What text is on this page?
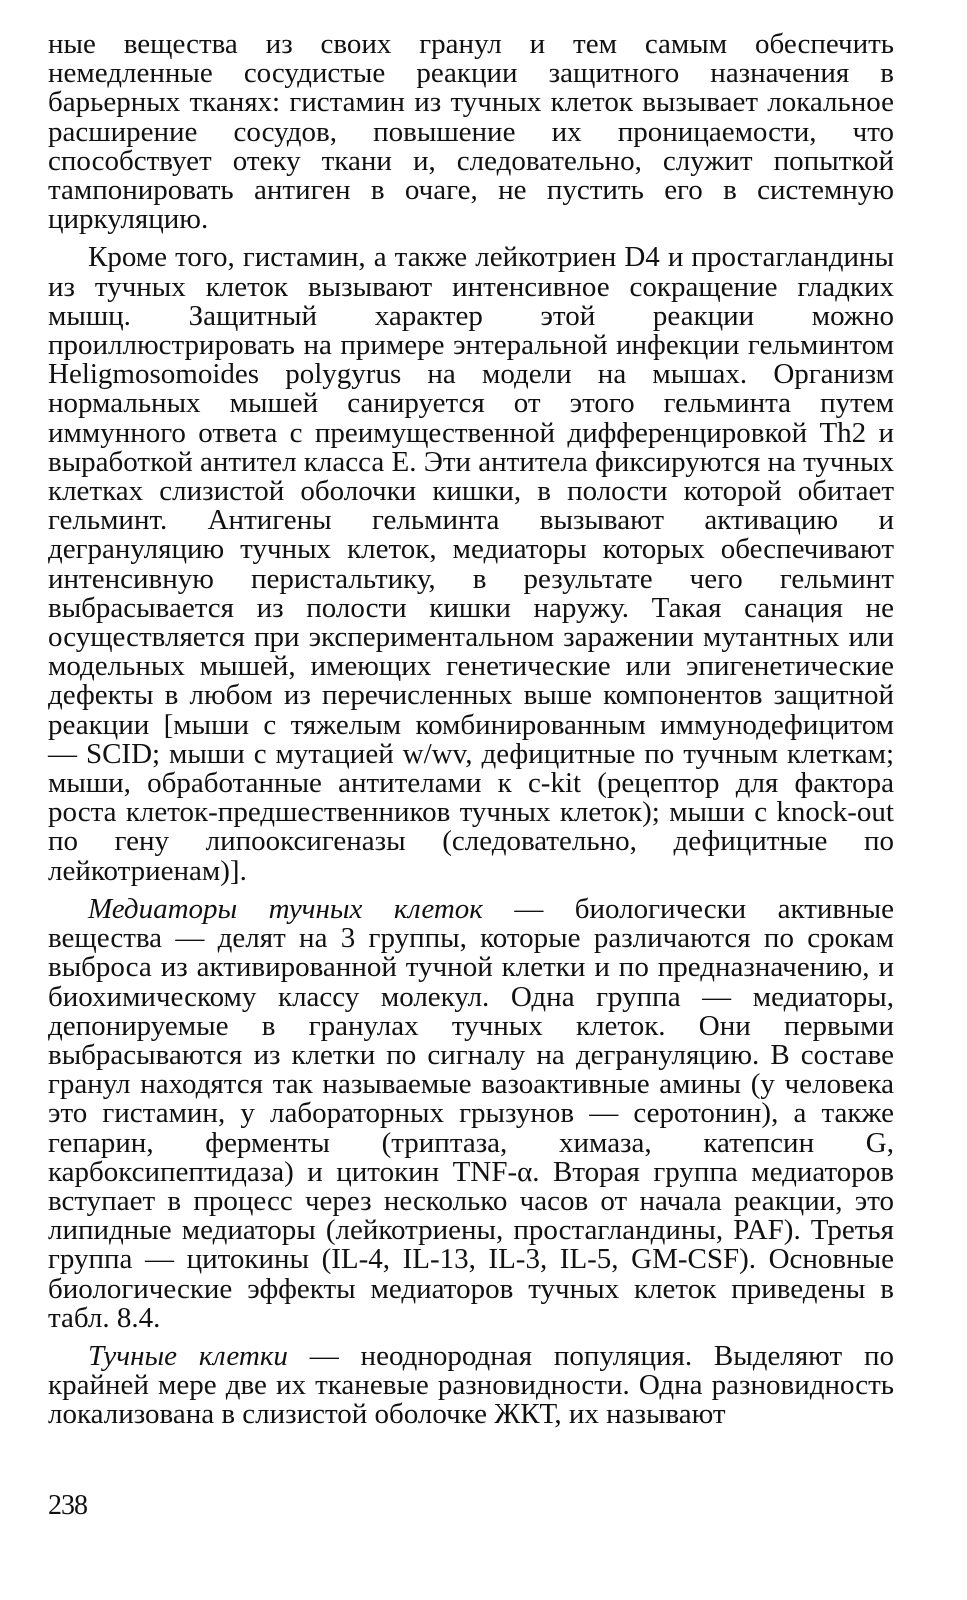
ные вещества из своих гранул и тем самым обеспечить немедленные сосудистые реакции защитного назначения в барьерных тканях: гистамин из тучных клеток вызывает локальное расширение сосудов, повышение их проницаемости, что способствует отеку ткани и, следовательно, служит попыткой тампонировать антиген в очаге, не пустить его в системную циркуляцию.

Кроме того, гистамин, а также лейкотриен D4 и простагландины из тучных клеток вызывают интенсивное сокращение гладких мышц. Защитный характер этой реакции можно проиллюстрировать на примере энтеральной инфекции гельминтом Heligmosomoides polygyrus на модели на мышах. Организм нормальных мышей санируется от этого гельминта путем иммунного ответа с преимущественной дифференцировкой Th2 и выработкой антител класса Е. Эти антитела фиксируются на тучных клетках слизистой оболочки кишки, в полости которой обитает гельминт. Антигены гельминта вызывают активацию и дегрануляцию тучных клеток, медиаторы которых обеспечивают интенсивную перистальтику, в результате чего гельминт выбрасывается из полости кишки наружу. Такая санация не осуществляется при экспериментальном заражении мутантных или модельных мышей, имеющих генетические или эпигенетические дефекты в любом из перечисленных выше компонентов защитной реакции [мыши с тяжелым комбинированным иммунодефицитом — SCID; мыши с мутацией w/wv, дефицитные по тучным клеткам; мыши, обработанные антителами к c-kit (рецептор для фактора роста клеток-предшественников тучных клеток); мыши с knock-out по гену липооксигеназы (следовательно, дефицитные по лейкотриенам)].

Медиаторы тучных клеток — биологически активные вещества — делят на 3 группы, которые различаются по срокам выброса из активированной тучной клетки и по предназначению, и биохимическому классу молекул. Одна группа — медиаторы, депонируемые в гранулах тучных клеток. Они первыми выбрасываются из клетки по сигналу на дегрануляцию. В составе гранул находятся так называемые вазоактивные амины (у человека это гистамин, у лабораторных грызунов — серотонин), а также гепарин, ферменты (триптаза, химаза, катепсин G, карбоксипептидаза) и цитокин TNF-α. Вторая группа медиаторов вступает в процесс через несколько часов от начала реакции, это липидные медиаторы (лейкотриены, простагландины, PAF). Третья группа — цитокины (IL-4, IL-13, IL-3, IL-5, GM-CSF). Основные биологические эффекты медиаторов тучных клеток приведены в табл. 8.4.

Тучные клетки — неоднородная популяция. Выделяют по крайней мере две их тканевые разновидности. Одна разновидность локализована в слизистой оболочке ЖКТ, их называют

238
